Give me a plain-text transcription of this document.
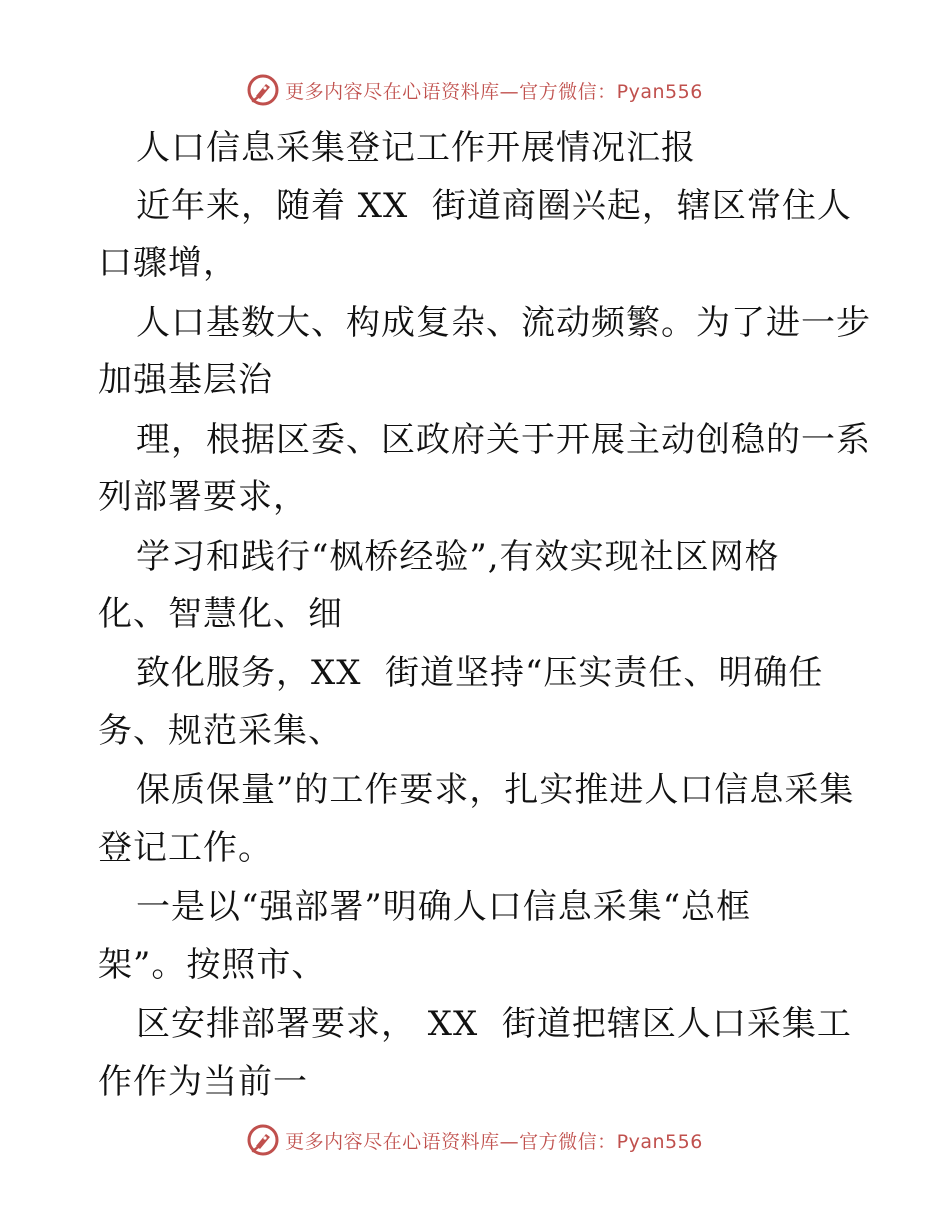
更多内容尽在心语资料库—官方微信：Pyan556
人口信息采集登记工作开展情况汇报
近年来，随着 XX  街道商圈兴起，辖区常住人
口骤增，
人口基数大、构成复杂、流动频繁。为了进一步
加强基层治
理，根据区委、区政府关于开展主动创稳的一系
列部署要求，
学习和践行“枫桥经验”,有效实现社区网格
化、智慧化、细
致化服务，XX  街道坚持“压实责任、明确任
务、规范采集、
保质保量”的工作要求，扎实推进人口信息采集
登记工作。
一是以“强部署”明确人口信息采集“总框
架”。按照市、
区安排部署要求， XX  街道把辖区人口采集工
作作为当前一
更多内容尽在心语资料库—官方微信：Pyan556
